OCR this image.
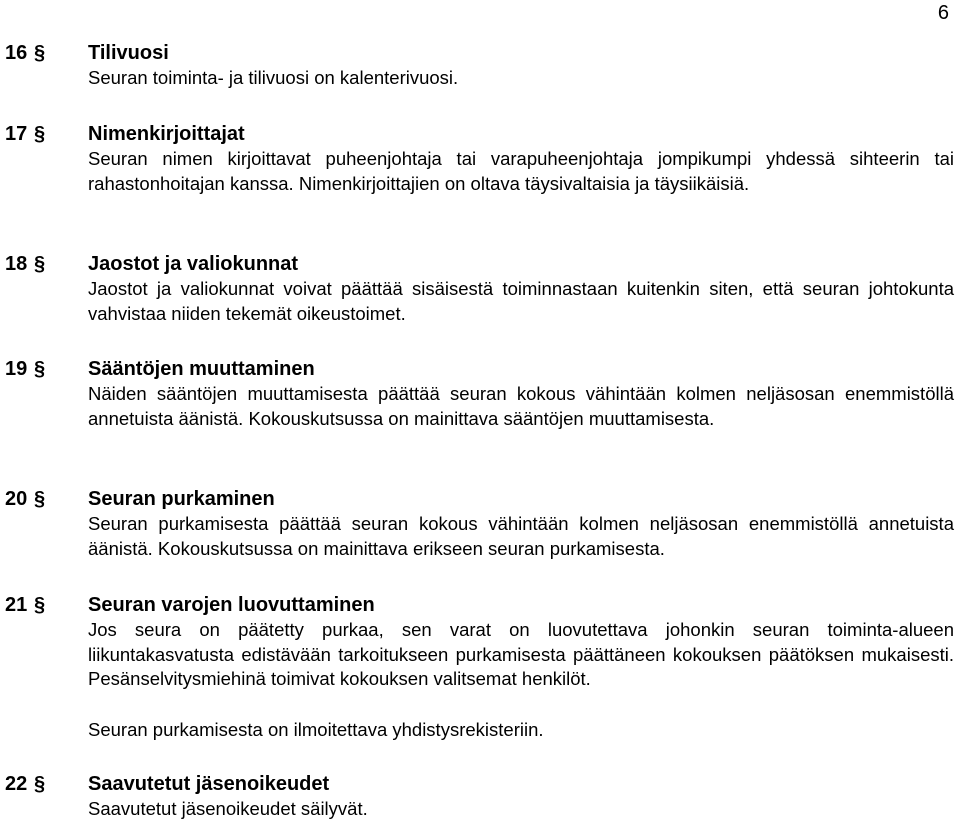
6
16 § Tilivuosi

Seuran toiminta- ja tilivuosi on kalenterivuosi.

17 § Nimenkirjoittajat

Seuran nimen kirjoittavat puheenjohtaja tai varapuheenjohtaja jompikumpi yhdessä sihteerin tai rahastonhoitajan kanssa. Nimenkirjoittajien on oltava täysivaltaisia ja täysiikäisiä.

18 § Jaostot ja valiokunnat

Jaostot ja valiokunnat voivat päättää sisäisestä toiminnastaan kuitenkin siten, että seuran johtokunta vahvistaa niiden tekemät oikeustoimet.

19 § Sääntöjen muuttaminen

Näiden sääntöjen muuttamisesta päättää seuran kokous vähintään kolmen neljäsosan enemmistöllä annetuista äänistä. Kokouskutsussa on mainittava sääntöjen muuttamisesta.

20 § Seuran purkaminen

Seuran purkamisesta päättää seuran kokous vähintään kolmen neljäsosan enemmistöllä annetuista äänistä. Kokouskutsussa on mainittava erikseen seuran purkamisesta.

21 § Seuran varojen luovuttaminen

Jos seura on päätetty purkaa, sen varat on luovutettava johonkin seuran toiminta-alueen liikuntakasvatusta edistävään tarkoitukseen purkamisesta päättäneen kokouksen päätöksen mukaisesti. Pesänselvitysmiehinä toimivat kokouksen valitsemat henkilöt.

Seuran purkamisesta on ilmoitettava yhdistysrekisteriin.

22 § Saavutetut jäsenoikeudet

Saavutetut jäsenoikeudet säilyvät.
